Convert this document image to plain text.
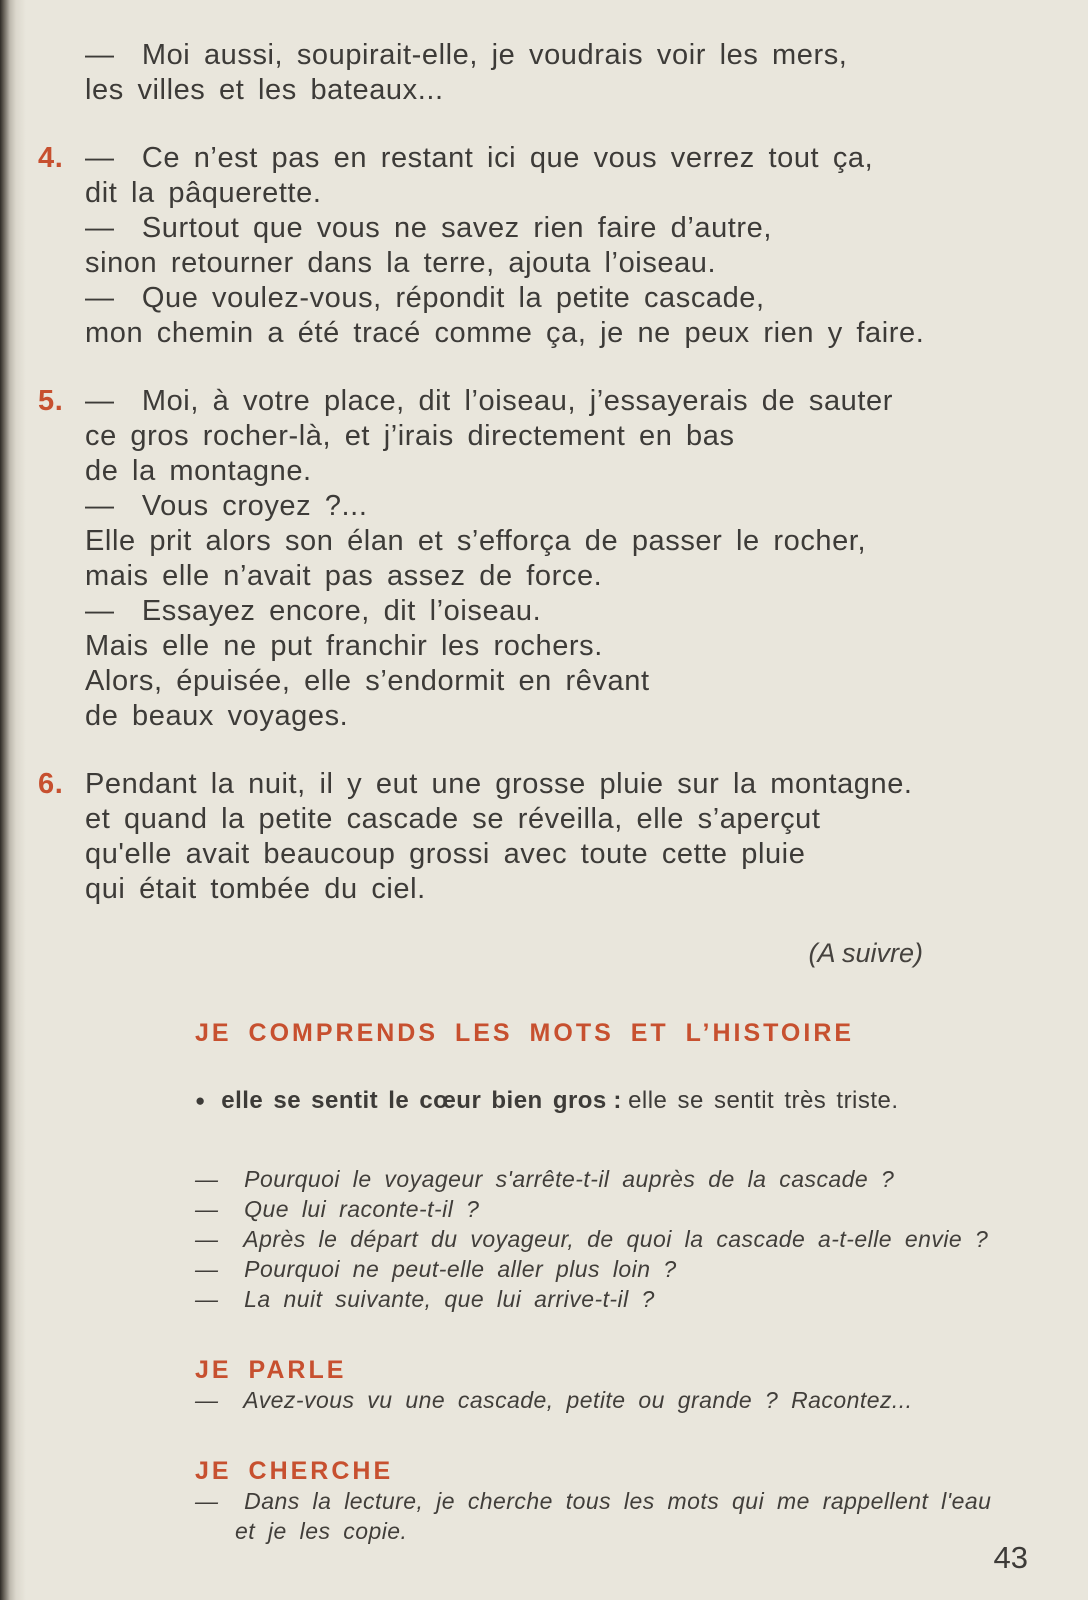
—  Moi aussi, soupirait-elle, je voudrais voir les mers,
les villes et les bateaux...
4. —  Ce n’est pas en restant ici que vous verrez tout ça,
dit la pâquerette.
—  Surtout que vous ne savez rien faire d’autre,
sinon retourner dans la terre, ajouta l’oiseau.
—  Que voulez-vous, répondit la petite cascade,
mon chemin a été tracé comme ça, je ne peux rien y faire.
5. —  Moi, à votre place, dit l’oiseau, j’essayerais de sauter
ce gros rocher-là, et j’irais directement en bas
de la montagne.
—  Vous croyez ?...
Elle prit alors son élan et s’efforça de passer le rocher,
mais elle n’avait pas assez de force.
—  Essayez encore, dit l’oiseau.
Mais elle ne put franchir les rochers.
Alors, épuisée, elle s’endormit en rêvant
de beaux voyages.
6. Pendant la nuit, il y eut une grosse pluie sur la montagne.
et quand la petite cascade se réveilla, elle s’aperçut
qu'elle avait beaucoup grossi avec toute cette pluie
qui était tombée du ciel.
(A suivre)
JE COMPRENDS LES MOTS ET L’HISTOIRE
● elle se sentit le cœur bien gros : elle se sentit très triste.
—  Pourquoi le voyageur s'arrête-t-il auprès de la cascade ?
—  Que lui raconte-t-il ?
—  Après le départ du voyageur, de quoi la cascade a-t-elle envie ?
—  Pourquoi ne peut-elle aller plus loin ?
—  La nuit suivante, que lui arrive-t-il ?
JE PARLE
—  Avez-vous vu une cascade, petite ou grande ? Racontez...
JE CHERCHE
—  Dans la lecture, je cherche tous les mots qui me rappellent l'eau et je les copie.
43
